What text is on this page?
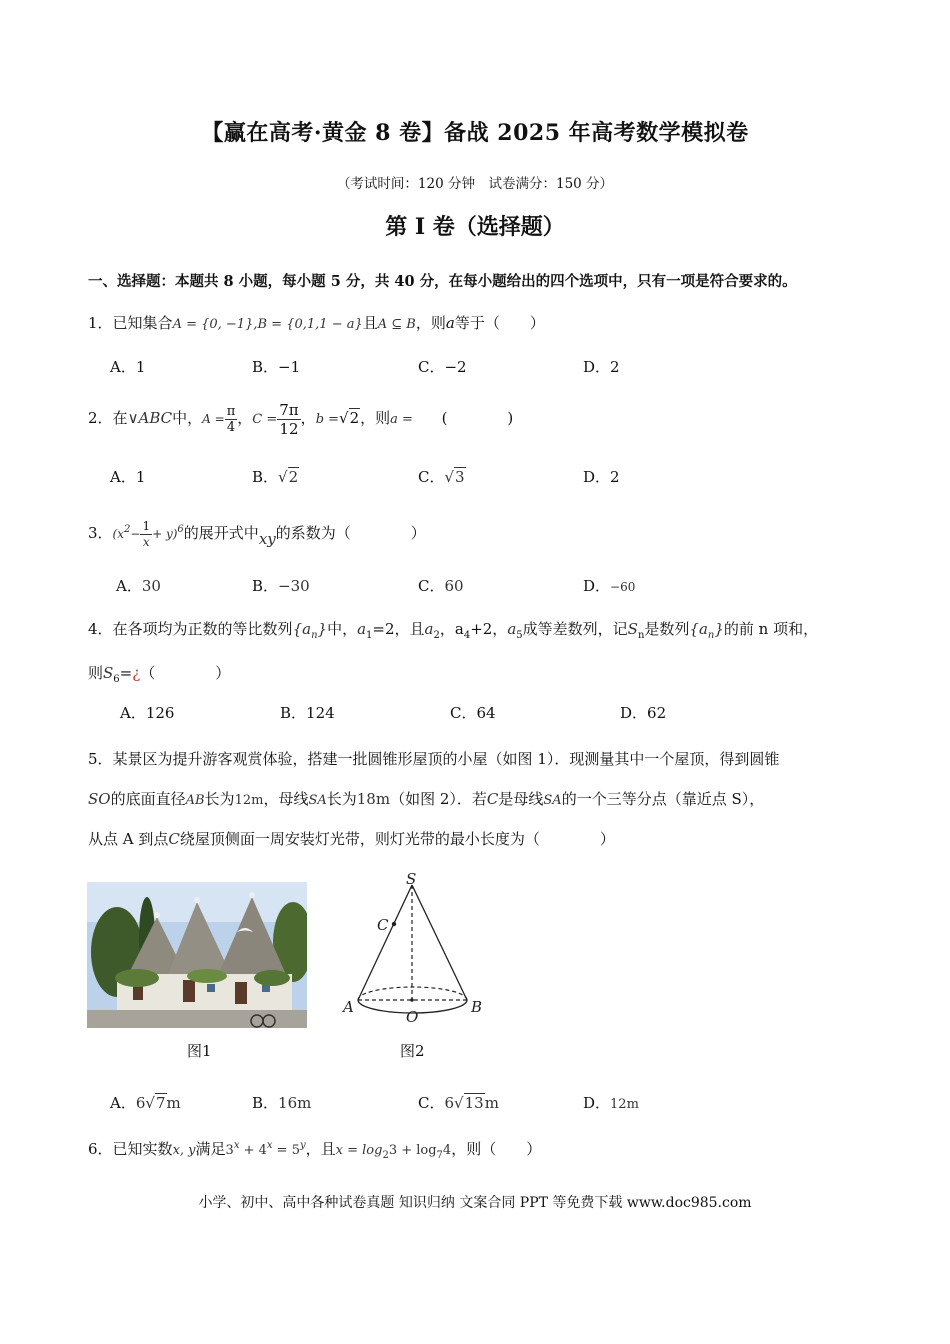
【赢在高考·黄金 8 卷】备战 2025 年高考数学模拟卷
（考试时间：120 分钟　试卷满分：150 分）
第 I 卷（选择题）
一、选择题：本题共 8 小题，每小题 5 分，共 40 分，在每小题给出的四个选项中，只有一项是符合要求的。
1．已知集合A = {0, −1},B = {0,1,1 − a}且A ⊆ B，则a等于（　　）
A．1	B．−1	C．−2	D．2
2．在∨ABC中，$A = \frac{\pi}{4}$ ，$C = \frac{7\pi}{12}$ ，b =√2，则a = (　　　　)
A．1	B．√2	C．√3	D．2
3．$(x^2- \frac{1}{x} + y)^6$的展开式中xy的系数为（　　　　）
A．30	B．−30	C．60	D．−60
4．在各项均为正数的等比数列$\{a_n\}$中，$a_1=2$，且$a_2$，$a_4+2$，$a_5$成等差数列，记$S_n$是数列$\{a_n\}$的前 n 项和，
则$S_6=¿$（　　　　）
A．126	B．124	C．64	D．62
5．某景区为提升游客观赏体验，搭建一批圆锥形屋顶的小屋（如图 1）．现测量其中一个屋顶，得到圆锥
SO的底面直径AB长为12m，母线SA长为18m（如图 2）．若C是母线SA的一个三等分点（靠近点 S），
从点 A 到点C绕屋顶侧面一周安装灯光带，则灯光带的最小长度为（　　　　）
S
C
A
O
B
图1	图2
A．6√7m	B．16m	C．6√13m	D．12m
6．已知实数x, y满足$3^x + 4^x = 5^y$，且$x = \log_23 + \log_74$，则（　　）
小学、初中、高中各种试卷真题 知识归纳 文案合同 PPT 等免费下载 www.doc985.com
